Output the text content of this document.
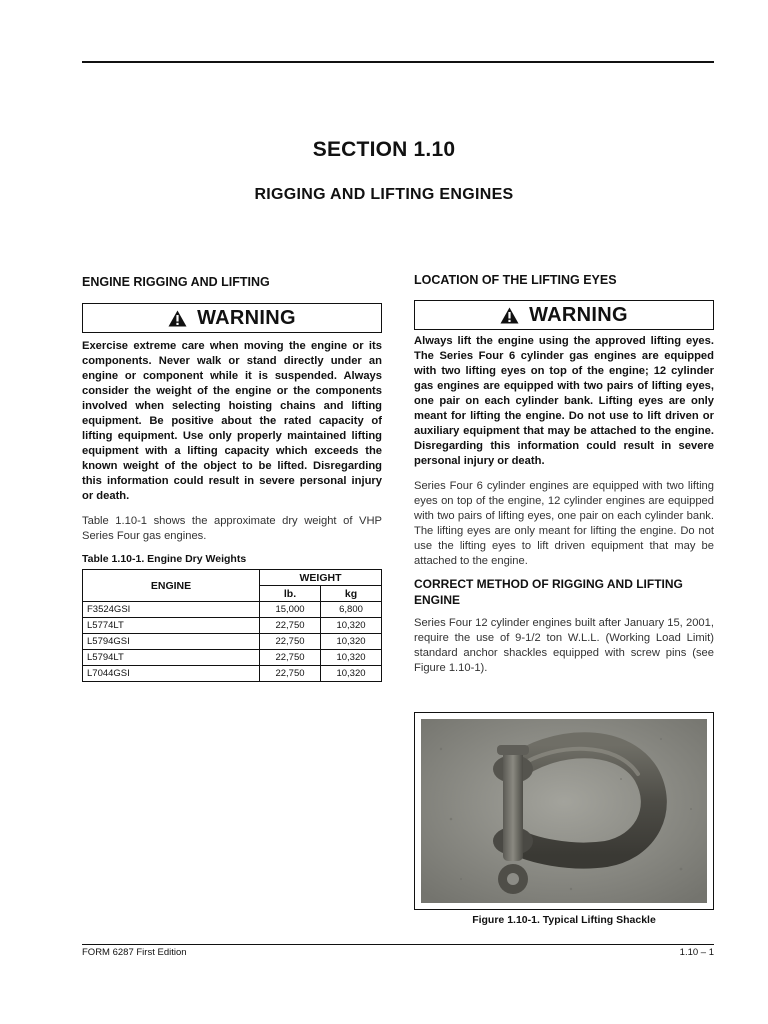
SECTION 1.10
RIGGING AND LIFTING ENGINES

ENGINE RIGGING AND LIFTING

WARNING

Exercise extreme care when moving the engine or its components. Never walk or stand directly under an engine or component while it is suspended. Always consider the weight of the engine or the components involved when selecting hoisting chains and lifting equipment. Be positive about the rated capacity of lifting equipment. Use only properly maintained lifting equipment with a lifting capacity which exceeds the known weight of the object to be lifted. Disregarding this information could result in severe personal injury or death.

Table 1.10-1 shows the approximate dry weight of VHP Series Four gas engines.

Table 1.10-1. Engine Dry Weights

ENGINE	WEIGHT	
	lb.	kg
F3524GSI	15,000	6,800
L5774LT	22,750	10,320
L5794GSI	22,750	10,320
L5794LT	22,750	10,320
L7044GSI	22,750	10,320

LOCATION OF THE LIFTING EYES

WARNING

Always lift the engine using the approved lifting eyes. The Series Four 6 cylinder gas engines are equipped with two lifting eyes on top of the engine; 12 cylinder gas engines are equipped with two pairs of lifting eyes, one pair on each cylinder bank. Lifting eyes are only meant for lifting the engine. Do not use to lift driven or auxiliary equipment that may be attached to the engine. Disregarding this information could result in severe personal injury or death.

Series Four 6 cylinder engines are equipped with two lifting eyes on top of the engine, 12 cylinder engines are equipped with two pairs of lifting eyes, one pair on each cylinder bank. The lifting eyes are only meant for lifting the engine. Do not use the lifting eyes to lift driven equipment that may be attached to the engine.

CORRECT METHOD OF RIGGING AND LIFTING ENGINE

Series Four 12 cylinder engines built after January 15, 2001, require the use of 9-1/2 ton W.L.L. (Working Load Limit) standard anchor shackles equipped with screw pins (see Figure 1.10-1).

Figure 1.10-1. Typical Lifting Shackle
FORM 6287 First Edition	1.10 – 1
